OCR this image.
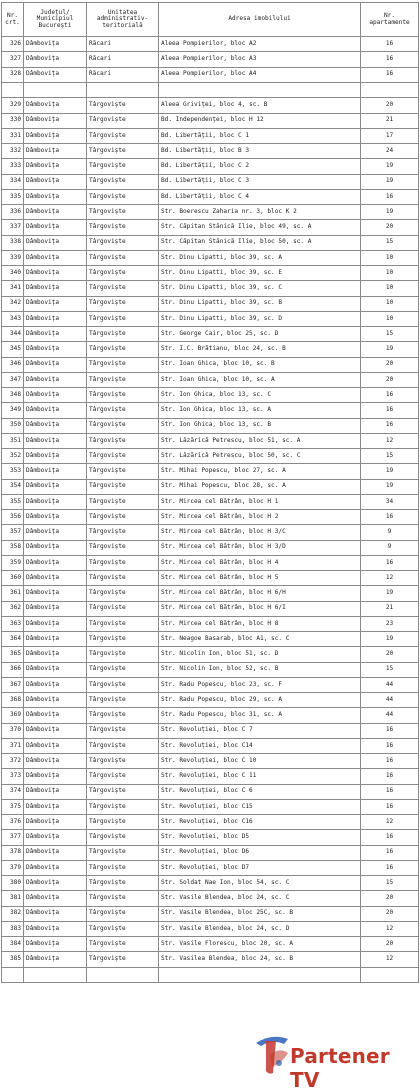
Nr. crt.	Județul/ Municipiul București	Unitatea administrativ-teritorială	Adresa imobilului	Nr. apartamente
326	Dâmbovița	Răcari	Aleea Pompierilor, bloc A2	16
327	Dâmbovița	Răcari	Aleea Pompierilor, bloc A3	16
328	Dâmbovița	Răcari	Aleea Pompierilor, bloc A4	16

329	Dâmbovița	Târgoviște	Aleea Griviței, bloc 4, sc. B	20
330	Dâmbovița	Târgoviște	Bd. Independenței, bloc H 12	21
331	Dâmbovița	Târgoviște	Bd. Libertății, bloc C 1	17
332	Dâmbovița	Târgoviște	Bd. Libertății, bloc B 3	24
333	Dâmbovița	Târgoviște	Bd. Libertății, bloc C 2	19
334	Dâmbovița	Târgoviște	Bd. Libertății, bloc C 3	19
335	Dâmbovița	Târgoviște	Bd. Libertății, bloc C 4	16
336	Dâmbovița	Târgoviște	Str. Boerescu Zaharia nr. 3, bloc K 2	19
337	Dâmbovița	Târgoviște	Str. Căpitan Stănică Ilie, bloc 49, sc. A	20
338	Dâmbovița	Târgoviște	Str. Căpitan Stănică Ilie, bloc 50, sc. A	15
339	Dâmbovița	Târgoviște	Str. Dinu Lipatti, bloc 39, sc. A	10
340	Dâmbovița	Târgoviște	Str. Dinu Lipatti, bloc 39, sc. E	10
341	Dâmbovița	Târgoviște	Str. Dinu Lipatti, bloc 39, sc. C	10
342	Dâmbovița	Târgoviște	Str. Dinu Lipatti, bloc 39, sc. B	10
343	Dâmbovița	Târgoviște	Str. Dinu Lipatti, bloc 39, sc. D	10
344	Dâmbovița	Târgoviște	Str. George Cair, bloc 25, sc. D	15
345	Dâmbovița	Târgoviște	Str. I.C. Brătianu, bloc 24, sc. B	19
346	Dâmbovița	Târgoviște	Str. Ioan Ghica, bloc 10, sc. B	20
347	Dâmbovița	Târgoviște	Str. Ioan Ghica, bloc 10, sc. A	20
348	Dâmbovița	Târgoviște	Str. Ion Ghica, bloc 13, sc. C	16
349	Dâmbovița	Târgoviște	Str. Ion Ghica, bloc 13, sc. A	16
350	Dâmbovița	Târgoviște	Str. Ion Ghica, bloc 13, sc. B	16
351	Dâmbovița	Târgoviște	Str. Lăzărică Petrescu, bloc 51, sc. A	12
352	Dâmbovița	Târgoviște	Str. Lăzărică Petrescu, bloc 50, sc. C	15
353	Dâmbovița	Târgoviște	Str. Mihai Popescu, bloc 27, sc. A	19
354	Dâmbovița	Târgoviște	Str. Mihai Popescu, bloc 28, sc. A	19
355	Dâmbovița	Târgoviște	Str. Mircea cel Bătrân, bloc H 1	34
356	Dâmbovița	Târgoviște	Str. Mircea cel Bătrân, bloc H 2	16
357	Dâmbovița	Târgoviște	Str. Mircea cel Bătrân, bloc H 3/C	9
358	Dâmbovița	Târgoviște	Str. Mircea cel Bătrân, bloc H 3/D	9
359	Dâmbovița	Târgoviște	Str. Mircea cel Bătrân, bloc H 4	16
360	Dâmbovița	Târgoviște	Str. Mircea cel Bătrân, bloc H 5	12
361	Dâmbovița	Târgoviște	Str. Mircea cel Bătrân, bloc H 6/H	19
362	Dâmbovița	Târgoviște	Str. Mircea cel Bătrân, bloc H 6/I	21
363	Dâmbovița	Târgoviște	Str. Mircea cel Bătrân, bloc H 8	23
364	Dâmbovița	Târgoviște	Str. Neagoe Basarab, bloc A1, sc. C	19
365	Dâmbovița	Târgoviște	Str. Nicolin Ion, bloc 51, sc. D	20
366	Dâmbovița	Târgoviște	Str. Nicolin Ion, bloc 52, sc. B	15
367	Dâmbovița	Târgoviște	Str. Radu Popescu, bloc 23, sc. F	44
368	Dâmbovița	Târgoviște	Str. Radu Popescu, bloc 29, sc. A	44
369	Dâmbovița	Târgoviște	Str. Radu Popescu, bloc 31, sc. A	44
370	Dâmbovița	Târgoviște	Str. Revoluției, bloc C 7	16
371	Dâmbovița	Târgoviște	Str. Revoluției, bloc C14	16
372	Dâmbovița	Târgoviște	Str. Revoluției, bloc C 10	16
373	Dâmbovița	Târgoviște	Str. Revoluției, bloc C 11	16
374	Dâmbovița	Târgoviște	Str. Revoluției, bloc C 6	16
375	Dâmbovița	Târgoviște	Str. Revoluției, bloc C15	16
376	Dâmbovița	Târgoviște	Str. Revoluției, bloc C16	12
377	Dâmbovița	Târgoviște	Str. Revoluției, bloc D5	16
378	Dâmbovița	Târgoviște	Str. Revoluției, bloc D6	16
379	Dâmbovița	Târgoviște	Str. Revoluției, bloc D7	16
380	Dâmbovița	Târgoviște	Str. Soldat Nae Ion, bloc 54, sc. C	15
381	Dâmbovița	Târgoviște	Str. Vasile Blendea, bloc 24, sc. C	20
382	Dâmbovița	Târgoviște	Str. Vasile Blendea, bloc 25C, sc. B	20
383	Dâmbovița	Târgoviște	Str. Vasile Blendea, bloc 24, sc. D	12
384	Dâmbovița	Târgoviște	Str. Vasile Florescu, bloc 20, sc. A	20
385	Dâmbovița	Târgoviște	Str. Vasilea Blendea, bloc 24, sc. B	12

Partener TV
